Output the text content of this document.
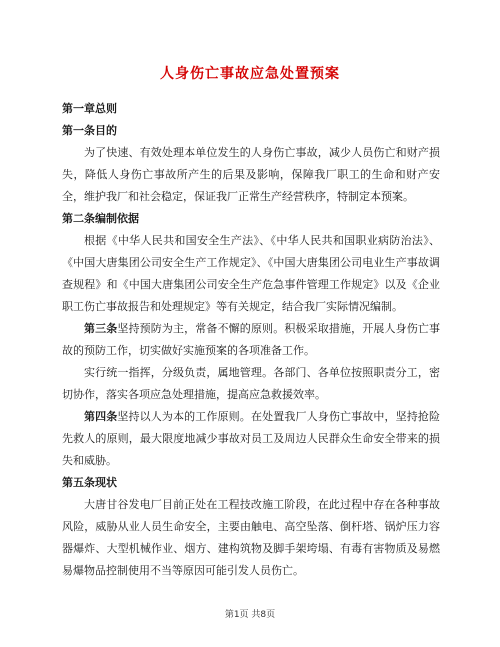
人身伤亡事故应急处置预案

第一章总则

第一条目的

为了快速、有效处理本单位发生的人身伤亡事故，减少人员伤亡和财产损失，降低人身伤亡事故所产生的后果及影响，保障我厂职工的生命和财产安全，维护我厂和社会稳定，保证我厂正常生产经营秩序，特制定本预案。

第二条编制依据

根据《中华人民共和国安全生产法》、《中华人民共和国职业病防治法》、《中国大唐集团公司安全生产工作规定》、《中国大唐集团公司电业生产事故调查规程》和《中国大唐集团公司安全生产危急事件管理工作规定》以及《企业职工伤亡事故报告和处理规定》等有关规定，结合我厂实际情况编制。

第三条坚持预防为主，常备不懈的原则。积极采取措施，开展人身伤亡事故的预防工作，切实做好实施预案的各项准备工作。

实行统一指挥，分级负责，属地管理。各部门、各单位按照职责分工，密切协作，落实各项应急处理措施，提高应急救援效率。

第四条坚持以人为本的工作原则。在处置我厂人身伤亡事故中，坚持抢险先救人的原则，最大限度地减少事故对员工及周边人民群众生命安全带来的损失和威胁。

第五条现状

大唐甘谷发电厂目前正处在工程技改施工阶段，在此过程中存在各种事故风险，威胁从业人员生命安全，主要由触电、高空坠落、倒杆塔、锅炉压力容器爆炸、大型机械作业、烟方、建构筑物及脚手架垮塌、有毒有害物质及易燃易爆物品控制使用不当等原因可能引发人员伤亡。

第1页 共8页
